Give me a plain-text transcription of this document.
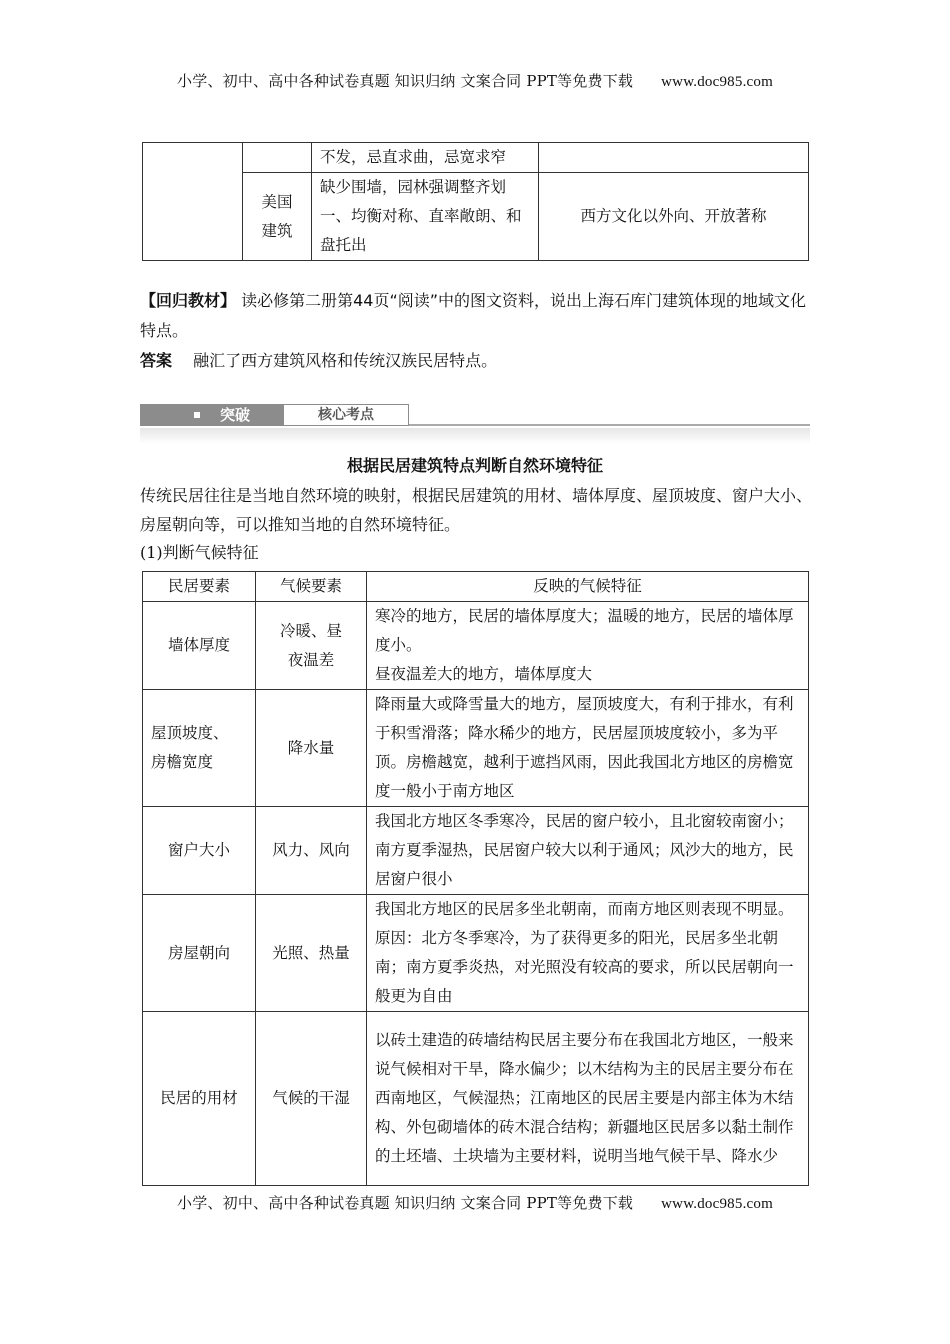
小学、初中、高中各种试卷真题 知识归纳 文案合同 PPT等免费下载 www.doc985.com
		不发，忌直求曲，忌宽求窄	

	美国建筑	缺少围墙，园林强调整齐划一、均衡对称、直率敞朗、和盘托出	西方文化以外向、开放著称
【回归教材】 读必修第二册第44页“阅读”中的图文资料，说出上海石库门建筑体现的地域文化特点。
答案 融汇了西方建筑风格和传统汉族民居特点。
突破	核心考点
根据民居建筑特点判断自然环境特征
传统民居往往是当地自然环境的映射，根据民居建筑的用材、墙体厚度、屋顶坡度、窗户大小、房屋朝向等，可以推知当地的自然环境特征。
(1)判断气候特征
民居要素	气候要素	反映的气候特征
墙体厚度	冷暖、昼夜温差	寒冷的地方，民居的墙体厚度大；温暖的地方，民居的墙体厚度小。
昼夜温差大的地方，墙体厚度大

屋顶坡度、房檐宽度	降水量	降雨量大或降雪量大的地方，屋顶坡度大，有利于排水，有利于积雪滑落；降水稀少的地方，民居屋顶坡度较小，多为平顶。房檐越宽，越利于遮挡风雨，因此我国北方地区的房檐宽度一般小于南方地区
窗户大小	风力、风向	我国北方地区冬季寒冷，民居的窗户较小，且北窗较南窗小；南方夏季湿热，民居窗户较大以利于通风；风沙大的地方，民居窗户很小
房屋朝向	光照、热量	我国北方地区的民居多坐北朝南，而南方地区则表现不明显。原因：北方冬季寒冷，为了获得更多的阳光，民居多坐北朝南；南方夏季炎热，对光照没有较高的要求，所以民居朝向一般更为自由
民居的用材	气候的干湿	以砖土建造的砖墙结构民居主要分布在我国北方地区，一般来说气候相对干旱，降水偏少；以木结构为主的民居主要分布在西南地区，气候湿热；江南地区的民居主要是内部主体为木结构、外包砌墙体的砖木混合结构；新疆地区民居多以黏土制作的土坯墙、土块墙为主要材料，说明当地气候干旱、降水少
小学、初中、高中各种试卷真题 知识归纳 文案合同 PPT等免费下载 www.doc985.com
